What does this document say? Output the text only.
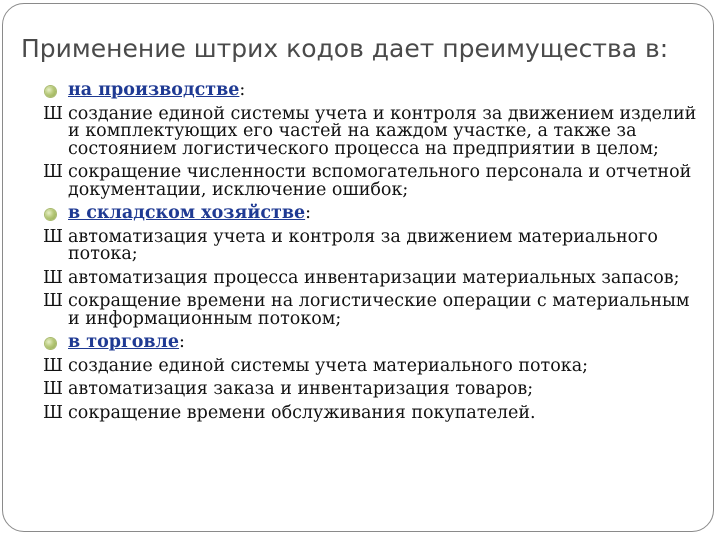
Применение штрих кодов дает преимущества в:
на производстве:
Ш создание единой системы учета и контроля за движением изделий и комплектующих его частей на каждом участке, а также за состоянием логистического процесса на предприятии в целом;
Ш сокращение численности вспомогательного персонала и отчетной документации, исключение ошибок;
в складском хозяйстве:
Ш автоматизация учета и контроля за движением материального потока;
Ш автоматизация процесса инвентаризации материальных запасов;
Ш сокращение времени на логистические операции с материальным и информационным потоком;
в торговле:
Ш создание единой системы учета материального потока;
Ш автоматизация заказа и инвентаризация товаров;
Ш сокращение времени обслуживания покупателей.
